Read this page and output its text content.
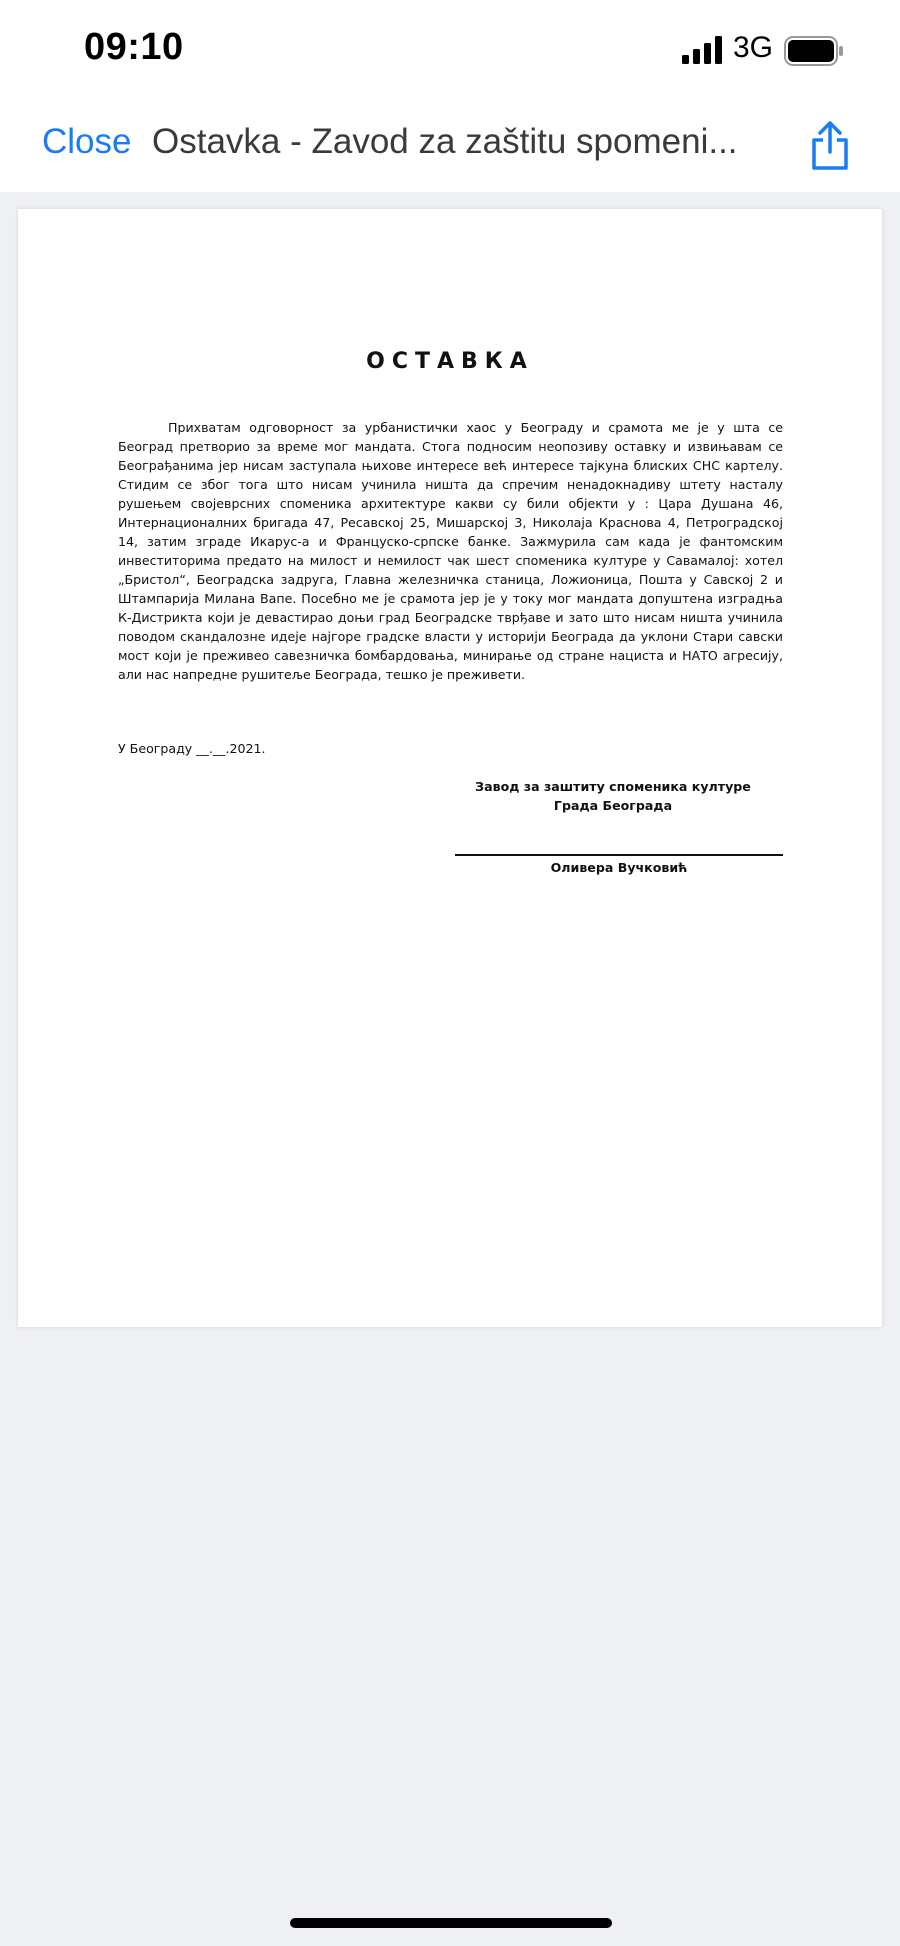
09:10	3G
Close Ostavka - Zavod za zaštitu spomeni...
ОСТАВКА

Прихватам одговорност за урбанистички хаос у Београду и срамота ме је у шта се Београд претворио за време мог мандата. Стога подносим неопозиву оставку и извињавам се Београђанима јер нисам заступала њихове интересе већ интересе тајкуна блиских СНС картелу. Стидим се због тога што нисам учинила ништа да спречим ненадокнадиву штету насталу рушењем својеврсних споменика архитектуре какви су били објекти у : Цара Душана 46, Интернационалних бригада 47, Ресавској 25, Мишарској 3, Николаја Краснова 4, Петроградској 14, затим зграде Икарус-а и Француско-српске банке. Зажмурила сам када је фантомским инвеститорима предато на милост и немилост чак шест споменика културе у Савамалој: хотел „Бристол“, Београдска задруга, Главна железничка станица, Ложионица, Пошта у Савској 2 и Штампарија Милана Вапе. Посебно ме је срамота јер је у току мог мандата допуштена изградња К-Дистрикта који је девастирао доњи град Београдске тврђаве и зато што нисам ништа учинила поводом скандалозне идеје најгоре градске власти у историји Београда да уклони Стари савски мост који је преживео савезничка бомбардовања, минирање од стране нациста и НАТО агресију, али нас напредне рушитеље Београда, тешко је преживети.

У Београду __.__.2021.
Завод за заштиту споменика културе
Града Београда
Оливера Вучковић
